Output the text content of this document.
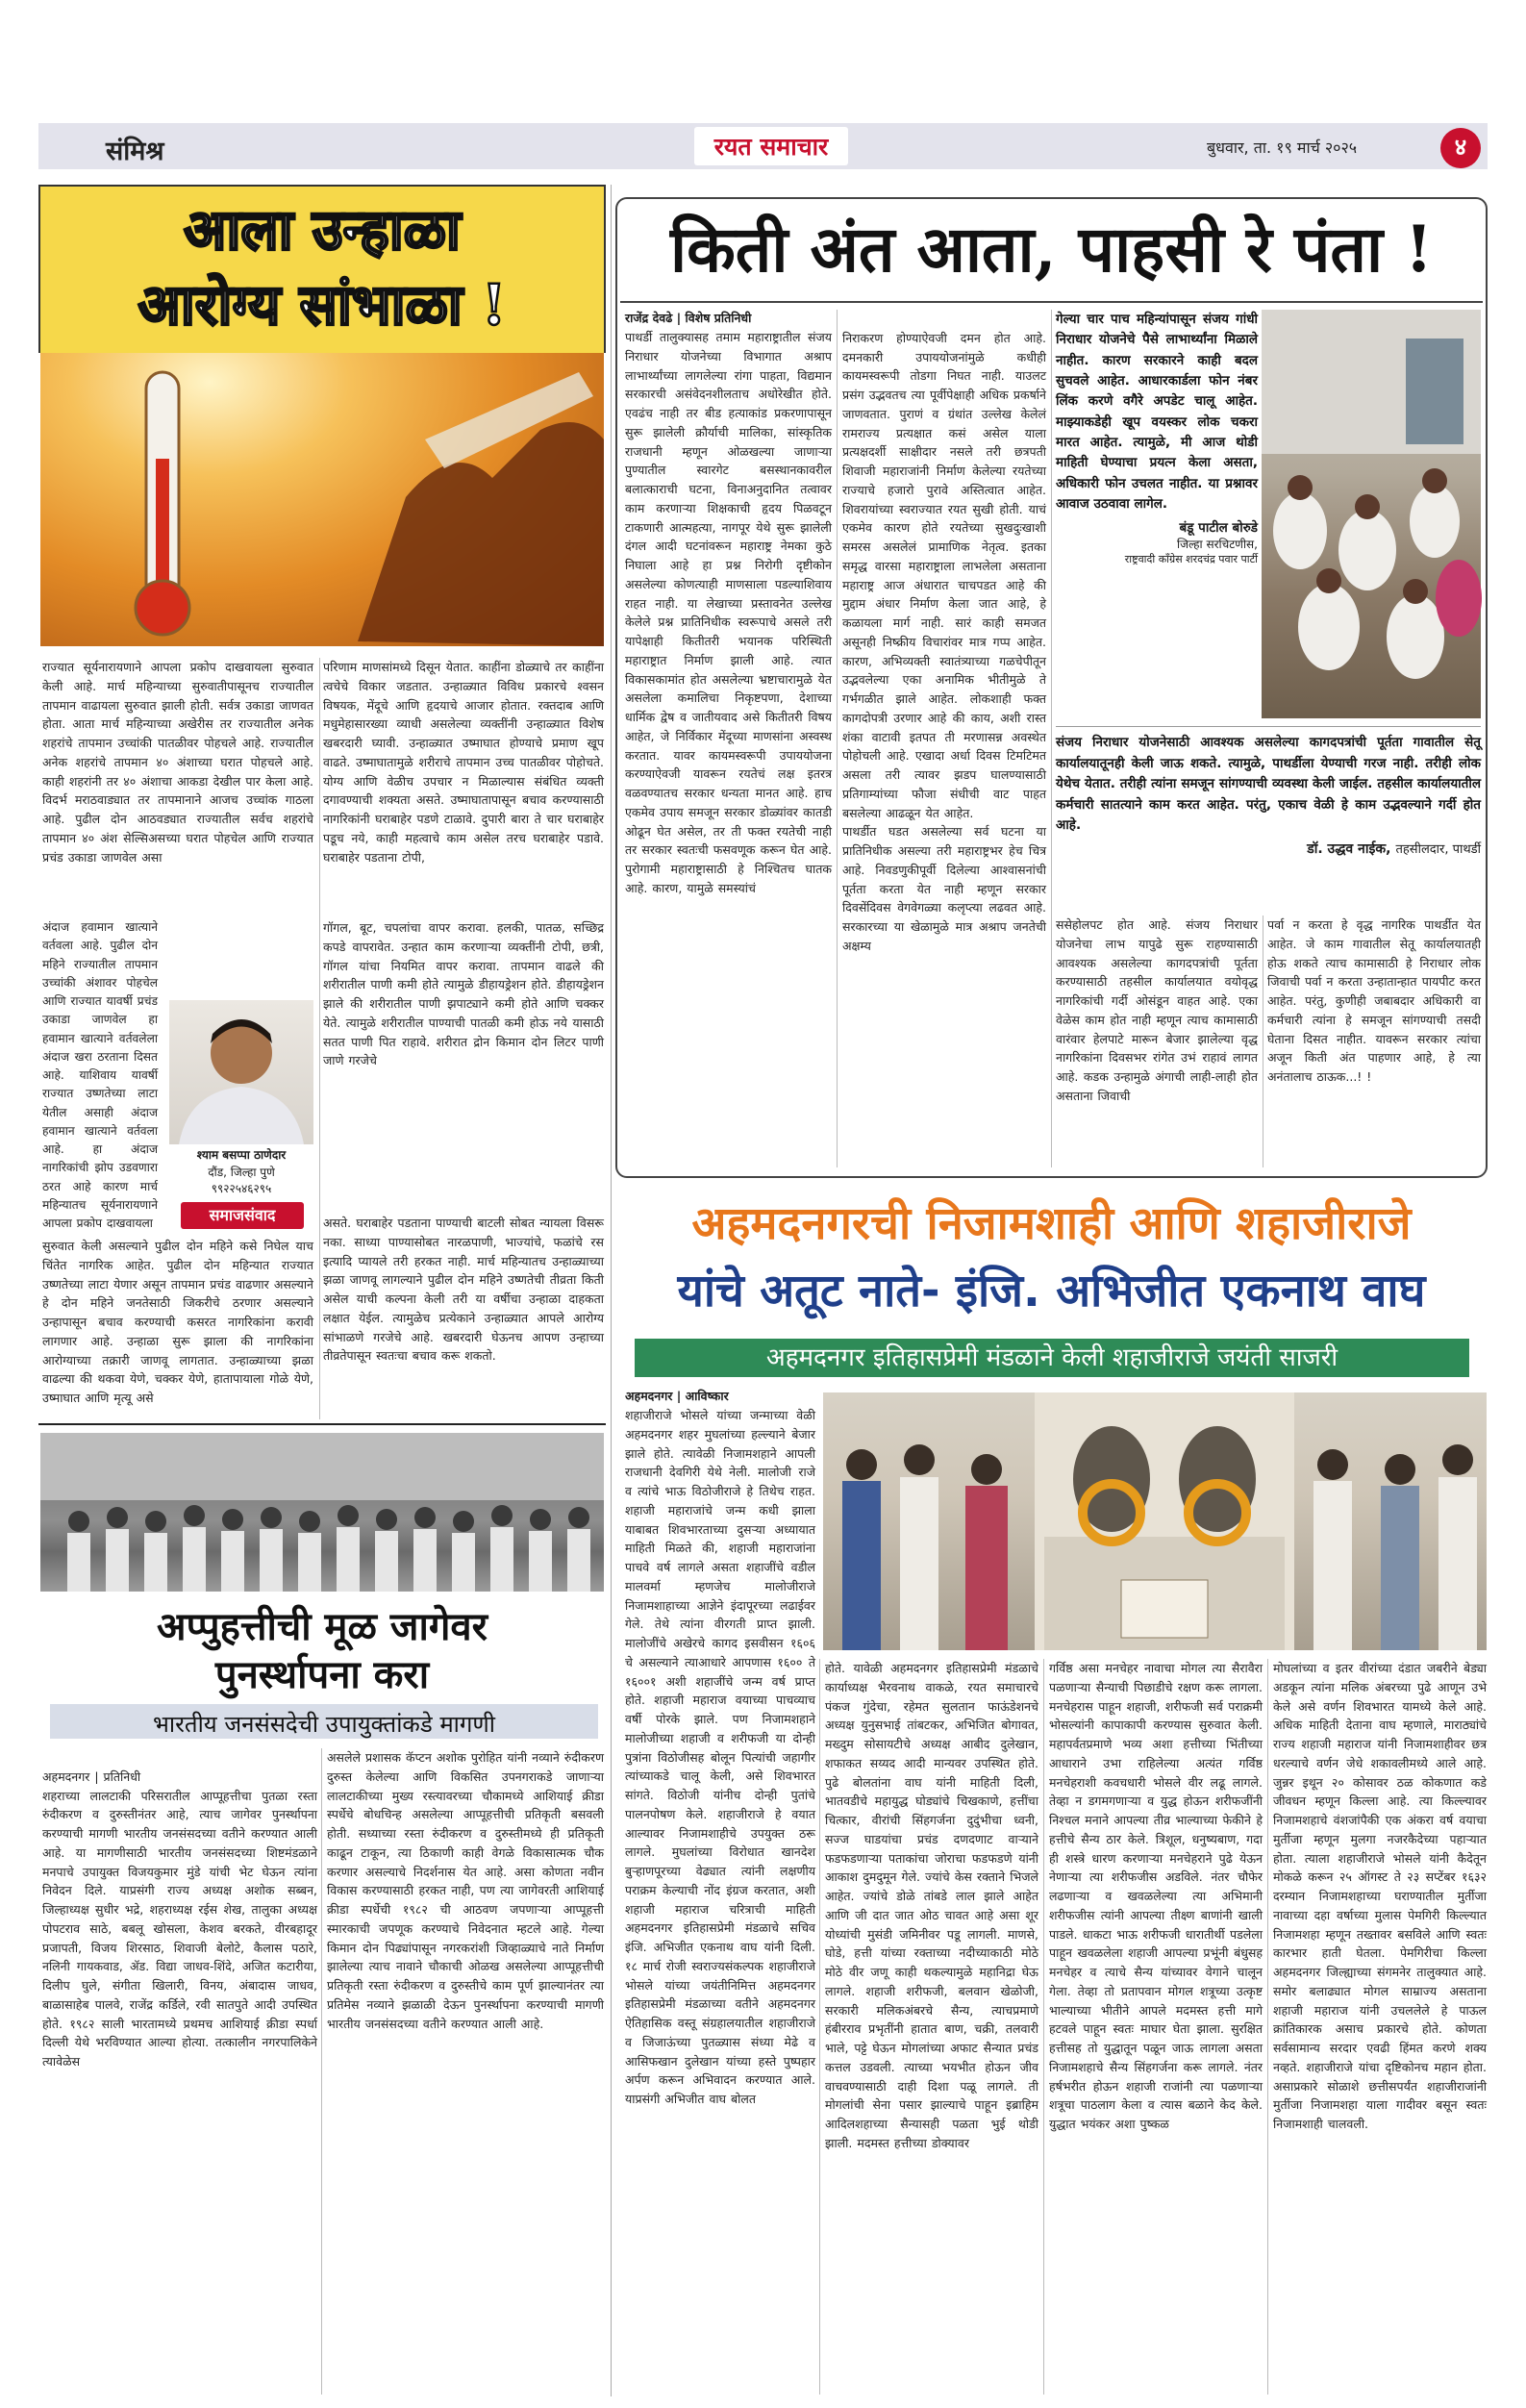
संमिश्र	रयत समाचार	बुधवार, ता. १९ मार्च २०२५	४
आला उन्हाळा
आरोग्य सांभाळा !

राज्यात सूर्यनारायणाने आपला प्रकोप दाखवायला सुरुवात केली आहे. मार्च महिन्याच्या सुरुवातीपासूनच राज्यातील तापमान वाढायला सुरुवात झाली होती. सर्वत्र उकाडा जाणवत होता. आता मार्च महिन्याच्या अखेरीस तर राज्यातील अनेक शहरांचे तापमान उच्चांकी पातळीवर पोहचले आहे. राज्यातील अनेक शहरांचे तापमान ४० अंशाच्या घरात पोहचले आहे. काही शहरांनी तर ४० अंशाचा आकडा देखील पार केला आहे. विदर्भ मराठवाड्यात तर तापमानाने आजच उच्चांक गाठला आहे. पुढील दोन आठवड्यात राज्यातील सर्वच शहरांचे तापमान ४० अंश सेल्सिअसच्या घरात पोहचेल आणि राज्यात प्रचंड उकाडा जाणवेल असा

अंदाज हवामान खात्याने वर्तवला आहे. पुढील दोन महिने राज्यातील तापमान उच्चांकी अंशावर पोहचेल आणि राज्यात यावर्षी प्रचंड उकाडा जाणवेल हा हवामान खात्याने वर्तवलेला अंदाज खरा ठरताना दिसत आहे. याशिवाय यावर्षी राज्यात उष्णतेच्या लाटा येतील असाही अंदाज हवामान खात्याने वर्तवला आहे. हा अंदाज नागरिकांची झोप उडवणारा ठरत आहे कारण मार्च महिन्यातच सूर्यनारायणाने आपला प्रकोप दाखवायला

श्याम बसप्पा ठाणेदार
दौंड, जिल्हा पुणे
९९२२५४६२९५
समाजसंवाद

सुरुवात केली असल्याने पुढील दोन महिने कसे निघेल याच चिंतेत नागरिक आहेत. पुढील दोन महिन्यात राज्यात उष्णतेच्या लाटा येणार असून तापमान प्रचंड वाढणार असल्याने हे दोन महिने जनतेसाठी जिकरीचे ठरणार असल्याने उन्हापासून बचाव करण्याची कसरत नागरिकांना करावी लागणार आहे. उन्हाळा सुरू झाला की नागरिकांना आरोग्याच्या तक्रारी जाणवू लागतात. उन्हाळ्याच्या झळा वाढल्या की थकवा येणे, चक्कर येणे, हातापायाला गोळे येणे, उष्माघात आणि मृत्यू असे

परिणाम माणसांमध्ये दिसून येतात. काहींना डोळ्याचे तर काहींना त्वचेचे विकार जडतात. उन्हाळ्यात विविध प्रकारचे श्वसन विषयक, मेंदूचे आणि हृदयाचे आजार होतात. रक्तदाब आणि मधुमेहासारख्या व्याधी असलेल्या व्यक्तींनी उन्हाळ्यात विशेष खबरदारी घ्यावी. उन्हाळ्यात उष्माघात होण्याचे प्रमाण खूप वाढते. उष्माघातामुळे शरीराचे तापमान उच्च पातळीवर पोहोचते. योग्य आणि वेळीच उपचार न मिळाल्यास संबंधित व्यक्ती दगावण्याची शक्यता असते. उष्माघातापासून बचाव करण्यासाठी नागरिकांनी घराबाहेर पडणे टाळावे. दुपारी बारा ते चार घराबाहेर पडूच नये, काही महत्वाचे काम असेल तरच घराबाहेर पडावे. घराबाहेर पडताना टोपी,

गॉगल, बूट, चपलांचा वापर करावा. हलकी, पातळ, सच्छिद्र कपडे वापरावेत. उन्हात काम करणाऱ्या व्यक्तींनी टोपी, छत्री, गॉगल यांचा नियमित वापर करावा. तापमान वाढले की शरीरातील पाणी कमी होते त्यामुळे डीहायड्रेशन होते. डीहायड्रेशन झाले की शरीरातील पाणी झपाट्याने कमी होते आणि चक्कर येते. त्यामुळे शरीरातील पाण्याची पातळी कमी होऊ नये यासाठी सतत पाणी पित राहावे. शरीरात द्रोन किमान दोन लिटर पाणी जाणे गरजेचे

असते. घराबाहेर पडताना पाण्याची बाटली सोबत न्यायला विसरू नका. साध्या पाण्यासोबत नारळपाणी, भाज्यांचे, फळांचे रस इत्यादि प्यायले तरी हरकत नाही. मार्च महिन्यातच उन्हाळ्याच्या झळा जाणवू लागल्याने पुढील दोन महिने उष्णतेची तीव्रता किती असेल याची कल्पना केली तरी या वर्षीचा उन्हाळा दाहकता लक्षात येईल. त्यामुळेच प्रत्येकाने उन्हाळ्यात आपले आरोग्य सांभाळणे गरजेचे आहे. खबरदारी घेऊनच आपण उन्हाच्या तीव्रतेपासून स्वतःचा बचाव करू शकतो.

अप्पुहत्तीची मूळ जागेवर
पुनर्स्थापना करा
भारतीय जनसंसदेची उपायुक्तांकडे मागणी

अहमदनगर | प्रतिनिधी
शहराच्या लालटाकी परिसरातील आप्पूहत्तीचा पुतळा रस्ता रुंदीकरण व दुरुस्तीनंतर आहे, त्याच जागेवर पुनर्स्थापना करण्याची मागणी भारतीय जनसंसदच्या वतीने करण्यात आली आहे. या मागणीसाठी भारतीय जनसंसदच्या शिष्टमंडळाने मनपाचे उपायुक्त विजयकुमार मुंडे यांची भेट घेऊन त्यांना निवेदन दिले. याप्रसंगी राज्य अध्यक्ष अशोक सब्बन, जिल्हाध्यक्ष सुधीर भद्रे, शहराध्यक्ष रईस शेख, तालुका अध्यक्ष पोपटराव साठे, बबलू खोसला, केशव बरकते, वीरबहादूर प्रजापती, विजय शिरसाठ, शिवाजी बेलोटे, कैलास पठारे, नलिनी गायकवाड, ॲड. विद्या जाधव-शिंदे, अजित कटारीया, दिलीप घुले, संगीता खिलारी, विनय, अंबादास जाधव, बाळासाहेब पालवे, राजेंद्र कर्डिले, रवी सातपुते आदी उपस्थित होते. १९८२ साली भारतामध्ये प्रथमच आशियाई क्रीडा स्पर्धा दिल्ली येथे भरविण्यात आल्या होत्या. तत्कालीन नगरपालिकेने त्यावेळेस

असलेले प्रशासक कॅप्टन अशोक पुरोहित यांनी नव्याने रुंदीकरण दुरुस्त केलेल्या आणि विकसित उपनगराकडे जाणाऱ्या लालटाकीच्या मुख्य रस्त्यावरच्या चौकामध्ये आशियाई क्रीडा स्पर्धेचे बोधचिन्ह असलेल्या आप्पूहत्तीची प्रतिकृती बसवली होती. सध्याच्या रस्ता रुंदीकरण व दुरुस्तीमध्ये ही प्रतिकृती काढून टाकून, त्या ठिकाणी काही वेगळे विकासात्मक चौक करणार असल्याचे निदर्शनास येत आहे. असा कोणता नवीन विकास करण्यासाठी हरकत नाही, पण त्या जागेवरती आशियाई क्रीडा स्पर्धेची १९८२ ची आठवण जपणाऱ्या आप्पूहत्ती स्मारकाची जपणूक करण्याचे निवेदनात म्हटले आहे. गेल्या किमान दोन पिढ्यांपासून नगरकरांशी जिव्हाळ्याचे नाते निर्माण झालेल्या त्याच नावाने चौकाची ओळख असलेल्या आप्पूहत्तीची प्रतिकृती रस्ता रुंदीकरण व दुरुस्तीचे काम पूर्ण झाल्यानंतर त्या प्रतिमेस नव्याने झळाळी देऊन पुनर्स्थापना करण्याची मागणी भारतीय जनसंसदच्या वतीने करण्यात आली आहे.

किती अंत आता, पाहसी रे पंता !
राजेंद्र देवढे | विशेष प्रतिनिधी

पाथर्डी तालुक्यासह तमाम महाराष्ट्रातील संजय निराधार योजनेच्या विभागात अश्राप लाभार्थ्यांच्या लागलेल्या रांगा पाहता, विद्यमान सरकारची असंवेदनशीलताच अधोरेखीत होते. एवढंच नाही तर बीड हत्याकांड प्रकरणापासून सुरू झालेली क्रौर्याची मालिका, सांस्कृतिक राजधानी म्हणून ओळखल्या जाणाऱ्या पुण्यातील स्वारगेट बसस्थानकावरील बलात्काराची घटना, विनाअनुदानित तत्वावर काम करणाऱ्या शिक्षकाची हृदय पिळवटून टाकणारी आत्महत्या, नागपूर येथे सुरू झालेली दंगल आदी घटनांवरून महाराष्ट्र नेमका कुठे निघाला आहे हा प्रश्न निरोगी दृष्टीकोन असलेल्या कोणत्याही माणसाला पडल्याशिवाय राहत नाही. या लेखाच्या प्रस्तावनेत उल्लेख केलेले प्रश्न प्रातिनिधीक स्वरूपाचे असले तरी यापेक्षाही कितीतरी भयानक परिस्थिती महाराष्ट्रात निर्माण झाली आहे. त्यात विकासकामांत होत असलेल्या भ्रष्टाचारामुळे येत असलेला कमालिचा निकृष्टपणा, देशाच्या धार्मिक द्वेष व जातीयवाद असे कितीतरी विषय आहेत, जे निर्विकार मेंदूच्या माणसांना अस्वस्थ करतात. यावर कायमस्वरूपी उपाययोजना करण्याऐवजी यावरून रयतेचं लक्ष इतरत्र वळवण्यातच सरकार धन्यता मानत आहे. हाच एकमेव उपाय समजून सरकार डोळ्यांवर कातडी ओढून घेत असेल, तर ती फक्त रयतेची नाही तर सरकार स्वतःची फसवणूक करून घेत आहे. पुरोगामी महाराष्ट्रासाठी हे निश्चितच घातक आहे. कारण, यामुळे समस्यांचं

निराकरण होण्याऐवजी दमन होत आहे. दमनकारी उपाययोजनांमुळे कधीही कायमस्वरूपी तोडगा निघत नाही. याउलट प्रसंग उद्भवतच त्या पूर्वीपेक्षाही अधिक प्रकर्षाने जाणवतात. पुराणं व ग्रंथांत उल्लेख केलेलं रामराज्य प्रत्यक्षात कसं असेल याला प्रत्यक्षदर्शी साक्षीदार नसले तरी छत्रपती शिवाजी महाराजांनी निर्माण केलेल्या रयतेच्या राज्याचे हजारो पुरावे अस्तित्वात आहेत. शिवरायांच्या स्वराज्यात रयत सुखी होती. याचं एकमेव कारण होते रयतेच्या सुखदुःखाशी समरस असलेलं प्रामाणिक नेतृत्व. इतका समृद्ध वारसा महाराष्ट्राला लाभलेला असताना महाराष्ट्र आज अंधारात चाचपडत आहे की मुद्दाम अंधार निर्माण केला जात आहे, हे कळायला मार्ग नाही. सारं काही समजत असूनही निष्क्रीय विचारांवर मात्र गप्प आहेत. कारण, अभिव्यक्ती स्वातंत्र्याच्या गळचेपीतून उद्भवलेल्या एका अनामिक भीतीमुळे ते गर्भगळीत झाले आहेत. लोकशाही फक्त कागदोपत्री उरणार आहे की काय, अशी रास्त शंका वाटावी इतपत ती मरणासन्न अवस्थेत पोहोचली आहे. एखादा अर्धा दिवस टिमटिमत असला तरी त्यावर झडप घालण्यासाठी प्रतिगाम्यांच्या फौजा संधीची वाट पाहत बसलेल्या आढळून येत आहेत.
पाथर्डीत घडत असलेल्या सर्व घटना या प्रातिनिधीक असल्या तरी महाराष्ट्रभर हेच चित्र आहे. निवडणुकीपूर्वी दिलेल्या आश्वासनांची पूर्तता करता येत नाही म्हणून सरकार दिवसेंदिवस वेगवेगळ्या कलृप्त्या लढवत आहे. सरकारच्या या खेळामुळे मात्र अश्राप जनतेची अक्षम्य

गेल्या चार पाच महिन्यांपासून संजय गांधी निराधार योजनेचे पैसे लाभार्थ्यांना मिळाले नाहीत. कारण सरकारने काही बदल सुचवले आहेत. आधारकार्डला फोन नंबर लिंक करणे वगैरे अपडेट चालू आहेत. माझ्याकडेही खूप वयस्कर लोक चकरा मारत आहेत. त्यामुळे, मी आज थोडी माहिती घेण्याचा प्रयत्न केला असता, अधिकारी फोन उचलत नाहीत. या प्रश्नावर आवाज उठवावा लागेल.
बंडू पाटील बोरुडे
जिल्हा सरचिटणीस,
राष्ट्रवादी काँग्रेस शरदचंद्र पवार पार्टी
संजय निराधार योजनेसाठी आवश्यक असलेल्या कागदपत्रांची पूर्तता गावातील सेतू कार्यालयातूनही केली जाऊ शकते. त्यामुळे, पाथर्डीला येण्याची गरज नाही. तरीही लोक येथेच येतात. तरीही त्यांना समजून सांगण्याची व्यवस्था केली जाईल. तहसील कार्यालयातील कर्मचारी सातत्याने काम करत आहेत. परंतु, एकाच वेळी हे काम उद्भवल्याने गर्दी होत आहे.
डॉ. उद्धव नाईक, तहसीलदार, पाथर्डी

ससेहोलपट होत आहे. संजय निराधार योजनेचा लाभ यापुढे सुरू राहण्यासाठी आवश्यक असलेल्या कागदपत्रांची पूर्तता करण्यासाठी तहसील कार्यालयात वयोवृद्ध नागरिकांची गर्दी ओसंडून वाहत आहे. एका वेळेस काम होत नाही म्हणून त्याच कामासाठी वारंवार हेलपाटे मारून बेजार झालेल्या वृद्ध नागरिकांना दिवसभर रांगेत उभं राहावं लागत आहे. कडक उन्हामुळे अंगाची लाही-लाही होत असताना जिवाची

पर्वा न करता हे वृद्ध नागरिक पाथर्डीत येत आहेत. जे काम गावातील सेतू कार्यालयातही होऊ शकते त्याच कामासाठी हे निराधार लोक जिवाची पर्वा न करता उन्हातान्हात पायपीट करत आहेत. परंतु, कुणीही जबाबदार अधिकारी वा कर्मचारी त्यांना हे समजून सांगण्याची तसदी घेताना दिसत नाहीत. यावरून सरकार त्यांचा अजून किती अंत पाहणार आहे, हे त्या अनंतालाच ठाऊक...! !

अहमदनगरची निजामशाही आणि शहाजीराजे
यांचे अतूट नाते- इंजि. अभिजीत एकनाथ वाघ
अहमदनगर इतिहासप्रेमी मंडळाने केली शहाजीराजे जयंती साजरी
अहमदनगर | आविष्कार

शहाजीराजे भोसले यांच्या जन्माच्या वेळी अहमदनगर शहर मुघलांच्या हल्ल्याने बेजार झाले होते. त्यावेळी निजामशहाने आपली राजधानी देवगिरी येथे नेली. मालोजी राजे व त्यांचे भाऊ विठोजीराजे हे तिथेच राहत. शहाजी महाराजांचे जन्म कधी झाला याबाबत शिवभारताच्या दुसऱ्या अध्यायात माहिती मिळते की, शहाजी महाराजांना पाचवे वर्ष लागले असता शहाजींचे वडील मालवर्मा म्हणजेच मालोजीराजे निजामशाहाच्या आज्ञेने इंदापूरच्या लढाईवर गेले. तेथे त्यांना वीरगती प्राप्त झाली. मालोजींचे अखेरचे कागद इसवीसन १६०६ चे असल्याने त्याआधारे आपणास १६०० ते १६००१ अशी शहाजींचे जन्म वर्ष प्राप्त होते. शहाजी महाराज वयाच्या पाचव्याच वर्षी पोरके झाले. पण निजामशहाने मालोजीच्या शहाजी व शरीफजी या दोन्ही पुत्रांना विठोजीसह बोलून पित्यांची जहागीर त्यांच्याकडे चालू केली, असे शिवभारत सांगते. विठोजी यांनीच दोन्ही पुतांचे पालनपोषण केले. शहाजीराजे हे वयात आल्यावर निजामशाहीचे उपयुक्त ठरू लागले. मुघलांच्या विरोधात खानदेश बुऱ्हाणपूरच्या वेढ्यात त्यांनी लक्षणीय पराक्रम केल्याची नोंद इंग्रज करतात, अशी शहाजी महाराज चरित्राची माहिती अहमदनगर इतिहासप्रेमी मंडळाचे सचिव इंजि. अभिजीत एकनाथ वाघ यांनी दिली. १८ मार्च रोजी स्वराज्यसंकल्पक शहाजीराजे भोसले यांच्या जयंतीनिमित्त अहमदनगर इतिहासप्रेमी मंडळाच्या वतीने अहमदनगर ऐतिहासिक वस्तू संग्रहालयातील शहाजीराजे व जिजाऊंच्या पुतळ्यास संध्या मेढे व आसिफखान दुलेखान यांच्या हस्ते पुष्पहार अर्पण करून अभिवादन करण्यात आले. याप्रसंगी अभिजीत वाघ बोलत

होते. यावेळी अहमदनगर इतिहासप्रेमी मंडळाचे कार्याध्यक्ष भैरवनाथ वाकळे, रयत समाचारचे पंकज गुंदेचा, रहेमत सुलतान फाऊंडेशनचे अध्यक्ष युनुसभाई तांबटकर, अभिजित बोगावत, मख्दुम सोसायटीचे अध्यक्ष आबीद दुलेखान, शफाकत सय्यद आदी मान्यवर उपस्थित होते. पुढे बोलतांना वाघ यांनी माहिती दिली, भातवडीचे महायुद्ध घोड्यांचे चिखकाणे, हत्तींचा चित्कार, वीरांची सिंहगर्जना दुदुंभीचा ध्वनी, सज्ज घाडयांचा प्रचंड दणदणाट वाऱ्याने फडफडणाऱ्या पताकांचा जोराचा फडफडणे यांनी आकाश दुमदुमून गेले. ज्यांचे केस रक्ताने भिजले आहेत. ज्यांचे डोळे तांबडे लाल झाले आहेत आणि जी दात जात ओठ चावत आहे असा शूर योध्यांची मुसंडी जमिनीवर पडू लागली. माणसे, घोडे, हत्ती यांच्या रक्ताच्या नदीच्याकाठी मोठे मोठे वीर जणू काही थकल्यामुळे महानिद्रा घेऊ लागले. शहाजी शरीफजी, बलवान खेळोजी, सरकारी मलिकअंबरचे सैन्य, त्याचप्रमाणे हंबीरराव प्रभृतींनी हातात बाण, चक्री, तलवारी भाले, पट्टे घेऊन मोगलांच्या अफाट सैन्यात प्रचंड कत्तल उडवली. त्याच्या भयभीत होऊन जीव वाचवण्यासाठी दाही दिशा पळू लागले. ती मोगलांची सेना पसार झाल्याचे पाहून इब्राहिम आदिलशहाच्या सैन्यासही पळता भुई थोडी झाली. मदमस्त हत्तीच्या डोक्यावर

गर्विष्ठ असा मनचेहर नावाचा मोगल त्या सैरावैरा पळणाऱ्या सैन्याची पिछाडीचे रक्षण करू लागला. मनचेहरास पाहून शहाजी, शरीफजी सर्व पराक्रमी भोसल्यांनी कापाकापी करण्यास सुरुवात केली. महापर्वतप्रमाणे भव्य अशा हत्तीच्या भिंतीच्या आधाराने उभा राहिलेल्या अत्यंत गर्विष्ठ मनचेहराशी कवचधारी भोसले वीर लढू लागले. तेव्हा न डगमगणाऱ्या व युद्ध होऊन शरीफजींनी निश्चल मनाने आपल्या तीव्र भाल्याच्या फेकीने हे हत्तीचे सैन्य ठार केले. त्रिशूल, धनुष्यबाण, गदा ही शस्त्रे धारण करणाऱ्या मनचेहराने पुढे येऊन नेणाऱ्या त्या शरीफजीस अडविले. नंतर चौफेर लढणाऱ्या व खवळलेल्या त्या अभिमानी शरीफजीस त्यांनी आपल्या तीक्ष्ण बाणांनी खाली पाडले. धाकटा भाऊ शरीफजी धारातीर्थी पडलेला पाहून खवळलेला शहाजी आपल्या प्रभूंनी बंधुसह मनचेहर व त्याचे सैन्य यांच्यावर वेगाने चालून गेला. तेव्हा तो प्रतापवान मोगल शत्रूच्या उत्कृष्ट भाल्याच्या भीतीने आपले मदमस्त हत्ती मागे हटवले पाहून स्वतः माघार घेता झाला. सुरक्षित हत्तीसह तो युद्धातून पळून जाऊ लागला असता निजामशहाचे सैन्य सिंहगर्जना करू लागले. नंतर हर्षभरीत होऊन शहाजी राजांनी त्या पळणाऱ्या शत्रूचा पाठलाग केला व त्यास बळाने केद केले. युद्धात भयंकर अशा पुष्कळ

मोघलांच्या व इतर वीरांच्या दंडात जबरीने बेड्या अडकून त्यांना मलिक अंबरच्या पुढे आणून उभे केले असे वर्णन शिवभारत यामध्ये केले आहे. अधिक माहिती देताना वाघ म्हणाले, माराठ्यांचे राज्य शहाजी महाराज यांनी निजामशाहीवर छत्र धरल्याचे वर्णन जेधे शकावलीमध्ये आले आहे. जुन्नर इथून २० कोसावर ठळ कोकणात कडे जीवधन म्हणून किल्ला आहे. त्या किल्ल्यावर निजामशहाचे वंशजांपैकी एक अंकरा वर्ष वयाचा मुर्तीजा म्हणून मुलगा नजरकैदेच्या पहाऱ्यात होता. त्याला शहाजीराजे भोसले यांनी कैदेतून मोकळे करून २५ ऑगस्ट ते २३ सप्टेंबर १६३२ दरम्यान निजामशहाच्या घराण्यातील मुर्तीजा नावाच्या दहा वर्षाच्या मुलास पेमगिरी किल्ल्यात निजामशहा म्हणून तख्तावर बसविले आणि स्वतः कारभार हाती घेतला. पेमगिरीचा किल्ला अहमदनगर जिल्ह्याच्या संगमनेर तालुक्यात आहे. समोर बलाढ्यात मोगल साम्राज्य असताना शहाजी महाराज यांनी उचललेले हे पाऊल क्रांतिकारक असाच प्रकारचे होते. कोणता सर्वसामान्य सरदार एवढी हिंमत करणे शक्य नव्हते. शहाजीराजे यांचा दृष्टिकोनच महान होता. असाप्रकारे सोळाशे छत्तीसपर्यंत शहाजीराजांनी मुर्तीजा निजामशहा याला गादीवर बसून स्वतः निजामशाही चालवली.
